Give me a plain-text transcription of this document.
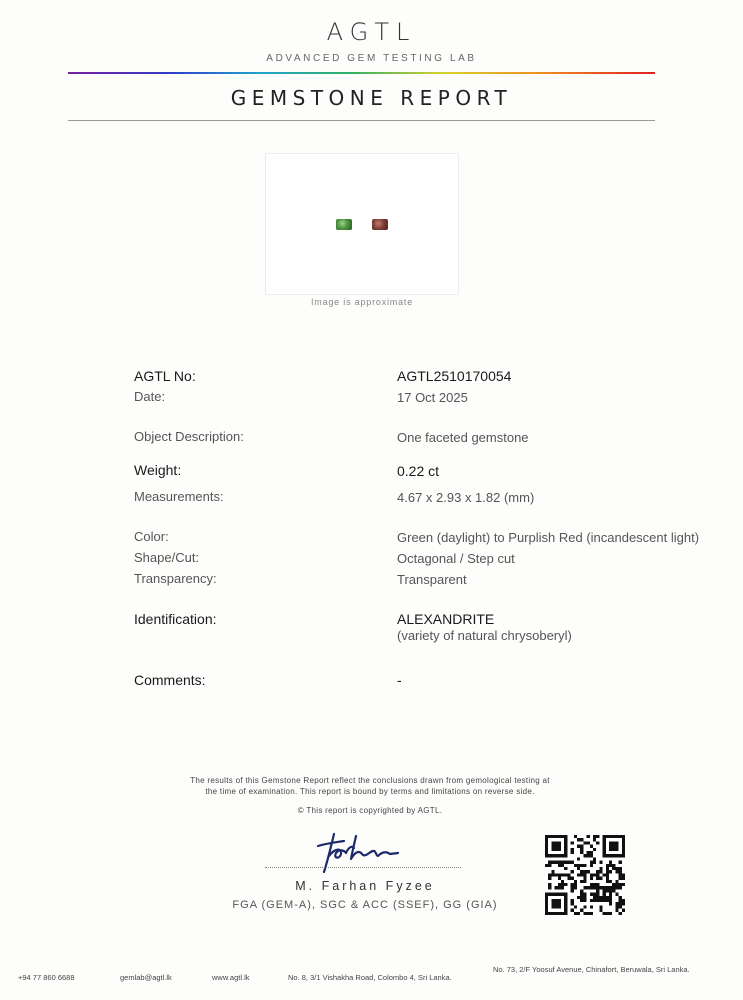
AGTL
ADVANCED GEM TESTING LAB
GEMSTONE REPORT
Image is approximate
AGTL No:	AGTL2510170054
Date:	17 Oct 2025
Object Description:	One faceted gemstone
Weight:	0.22 ct
Measurements:	4.67 x 2.93 x 1.82 (mm)
Color:	Green (daylight) to Purplish Red (incandescent light)
Shape/Cut:	Octagonal / Step cut
Transparency:	Transparent
Identification:	ALEXANDRITE
(variety of natural chrysoberyl)
Comments:	-
The results of this Gemstone Report reflect the conclusions drawn from gemological testing at
the time of examination. This report is bound by terms and limitations on reverse side.
© This report is copyrighted by AGTL.
M. Farhan Fyzee
FGA (GEM-A), SGC & ACC (SSEF), GG (GIA)
+94 77 860 6688	gemlab@agtl.lk	www.agtl.lk	No. 8, 3/1 Vishakha Road, Colombo 4, Sri Lanka.
No. 73, 2/F Yoosuf Avenue, Chinafort, Beruwala, Sri Lanka.
